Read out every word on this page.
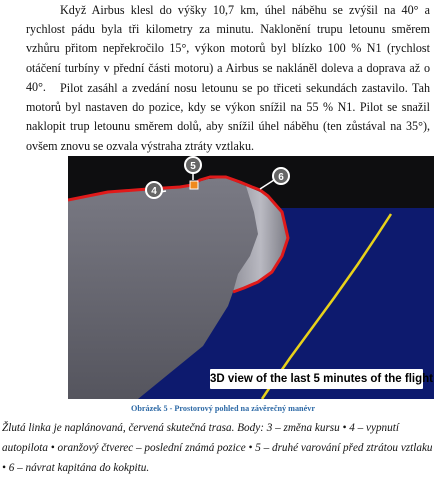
Když Airbus klesl do výšky 10,7 km, úhel náběhu se zvýšil na 40° a rychlost pádu byla tři kilometry za minutu. Naklonění trupu letounu směrem vzhůru přitom nepřekročilo 15°, výkon motorů byl blízko 100 % N1 (rychlost otáčení turbíny v přední části motoru) a Airbus se nakláněl doleva a doprava až o 40°.	Pilot zasáhl a zvedání nosu letounu se po třiceti sekundách zastavilo. Tah motorů byl nastaven do pozice, kdy se výkon snížil na 55 % N1. Pilot se snažil naklopit trup letounu směrem dolů, aby snížil úhel náběhu (ten zůstával na 35°), ovšem znovu se ozvala výstraha ztráty vztlaku.

4
5
6
3D view of the last 5 minutes of the flight
Obrázek 5 - Prostorový pohled na závěrečný manévr

Žlutá linka je naplánovaná, červená skutečná trasa. Body: 3 – změna kursu • 4 – vypnutí autopilota • oranžový čtverec – poslední známá pozice • 5 – druhé varování před ztrátou vztlaku • 6 – návrat kapitána do kokpitu.
